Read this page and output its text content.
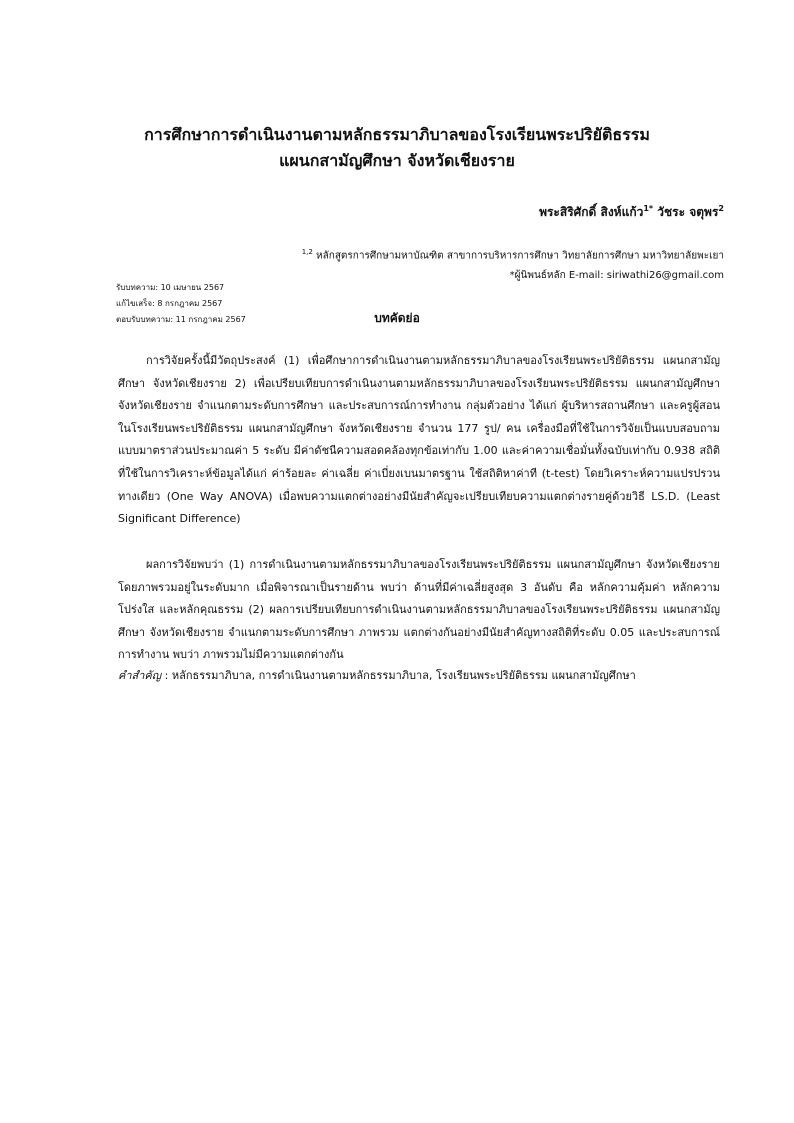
การศึกษาการดำเนินงานตามหลักธรรมาภิบาลของโรงเรียนพระปริยัติธรรม
แผนกสามัญศึกษา จังหวัดเชียงราย
พระสิริศักดิ์ สิงห์แก้ว$^{1*}$ วัชระ จตุพร$^2$
$^{1,2}$ หลักสูตรการศึกษามหาบัณฑิต สาขาการบริหารการศึกษา วิทยาลัยการศึกษา มหาวิทยาลัยพะเยา
*ผู้นิพนธ์หลัก E-mail: siriwathi26@gmail.com
รับบทความ: 10 เมษายน 2567
แก้ไขเสร็จ: 8 กรกฎาคม 2567
ตอบรับบทความ: 11 กรกฎาคม 2567	บทคัดย่อ
การวิจัยครั้งนี้มีวัตถุประสงค์ (1) เพื่อศึกษาการดำเนินงานตามหลักธรรมาภิบาลของโรงเรียนพระปริยัติธรรม แผนกสามัญศึกษา จังหวัดเชียงราย 2) เพื่อเปรียบเทียบการดำเนินงานตามหลักธรรมาภิบาลของโรงเรียนพระปริยัติธรรม แผนกสามัญศึกษา จังหวัดเชียงราย จำแนกตามระดับการศึกษา และประสบการณ์การทำงาน กลุ่มตัวอย่าง ได้แก่ ผู้บริหารสถานศึกษา และครูผู้สอนในโรงเรียนพระปริยัติธรรม แผนกสามัญศึกษา จังหวัดเชียงราย จำนวน 177 รูป/ คน เครื่องมือที่ใช้ในการวิจัยเป็นแบบสอบถามแบบมาตราส่วนประมาณค่า 5 ระดับ มีค่าดัชนีความสอดคล้องทุกข้อเท่ากับ 1.00 และค่าความเชื่อมั่นทั้งฉบับเท่ากับ 0.938 สถิติที่ใช้ในการวิเคราะห์ข้อมูลได้แก่ ค่าร้อยละ ค่าเฉลี่ย ค่าเบี่ยงเบนมาตรฐาน ใช้สถิติหาค่าที (t-test) โดยวิเคราะห์ความแปรปรวนทางเดียว (One Way ANOVA) เมื่อพบความแตกต่างอย่างมีนัยสำคัญจะเปรียบเทียบความแตกต่างรายคู่ด้วยวิธี LS.D. (Least Significant Difference)
ผลการวิจัยพบว่า (1) การดำเนินงานตามหลักธรรมาภิบาลของโรงเรียนพระปริยัติธรรม แผนกสามัญศึกษา จังหวัดเชียงราย โดยภาพรวมอยู่ในระดับมาก เมื่อพิจารณาเป็นรายด้าน พบว่า ด้านที่มีค่าเฉลี่ยสูงสุด 3 อันดับ คือ หลักความคุ้มค่า หลักความโปร่งใส และหลักคุณธรรม (2) ผลการเปรียบเทียบการดำเนินงานตามหลักธรรมาภิบาลของโรงเรียนพระปริยัติธรรม แผนกสามัญศึกษา จังหวัดเชียงราย จำแนกตามระดับการศึกษา ภาพรวม แตกต่างกันอย่างมีนัยสำคัญทางสถิติที่ระดับ 0.05 และประสบการณ์การทำงาน พบว่า ภาพรวมไม่มีความแตกต่างกัน
คำสำคัญ : หลักธรรมาภิบาล, การดำเนินงานตามหลักธรรมาภิบาล, โรงเรียนพระปริยัติธรรม แผนกสามัญศึกษา
